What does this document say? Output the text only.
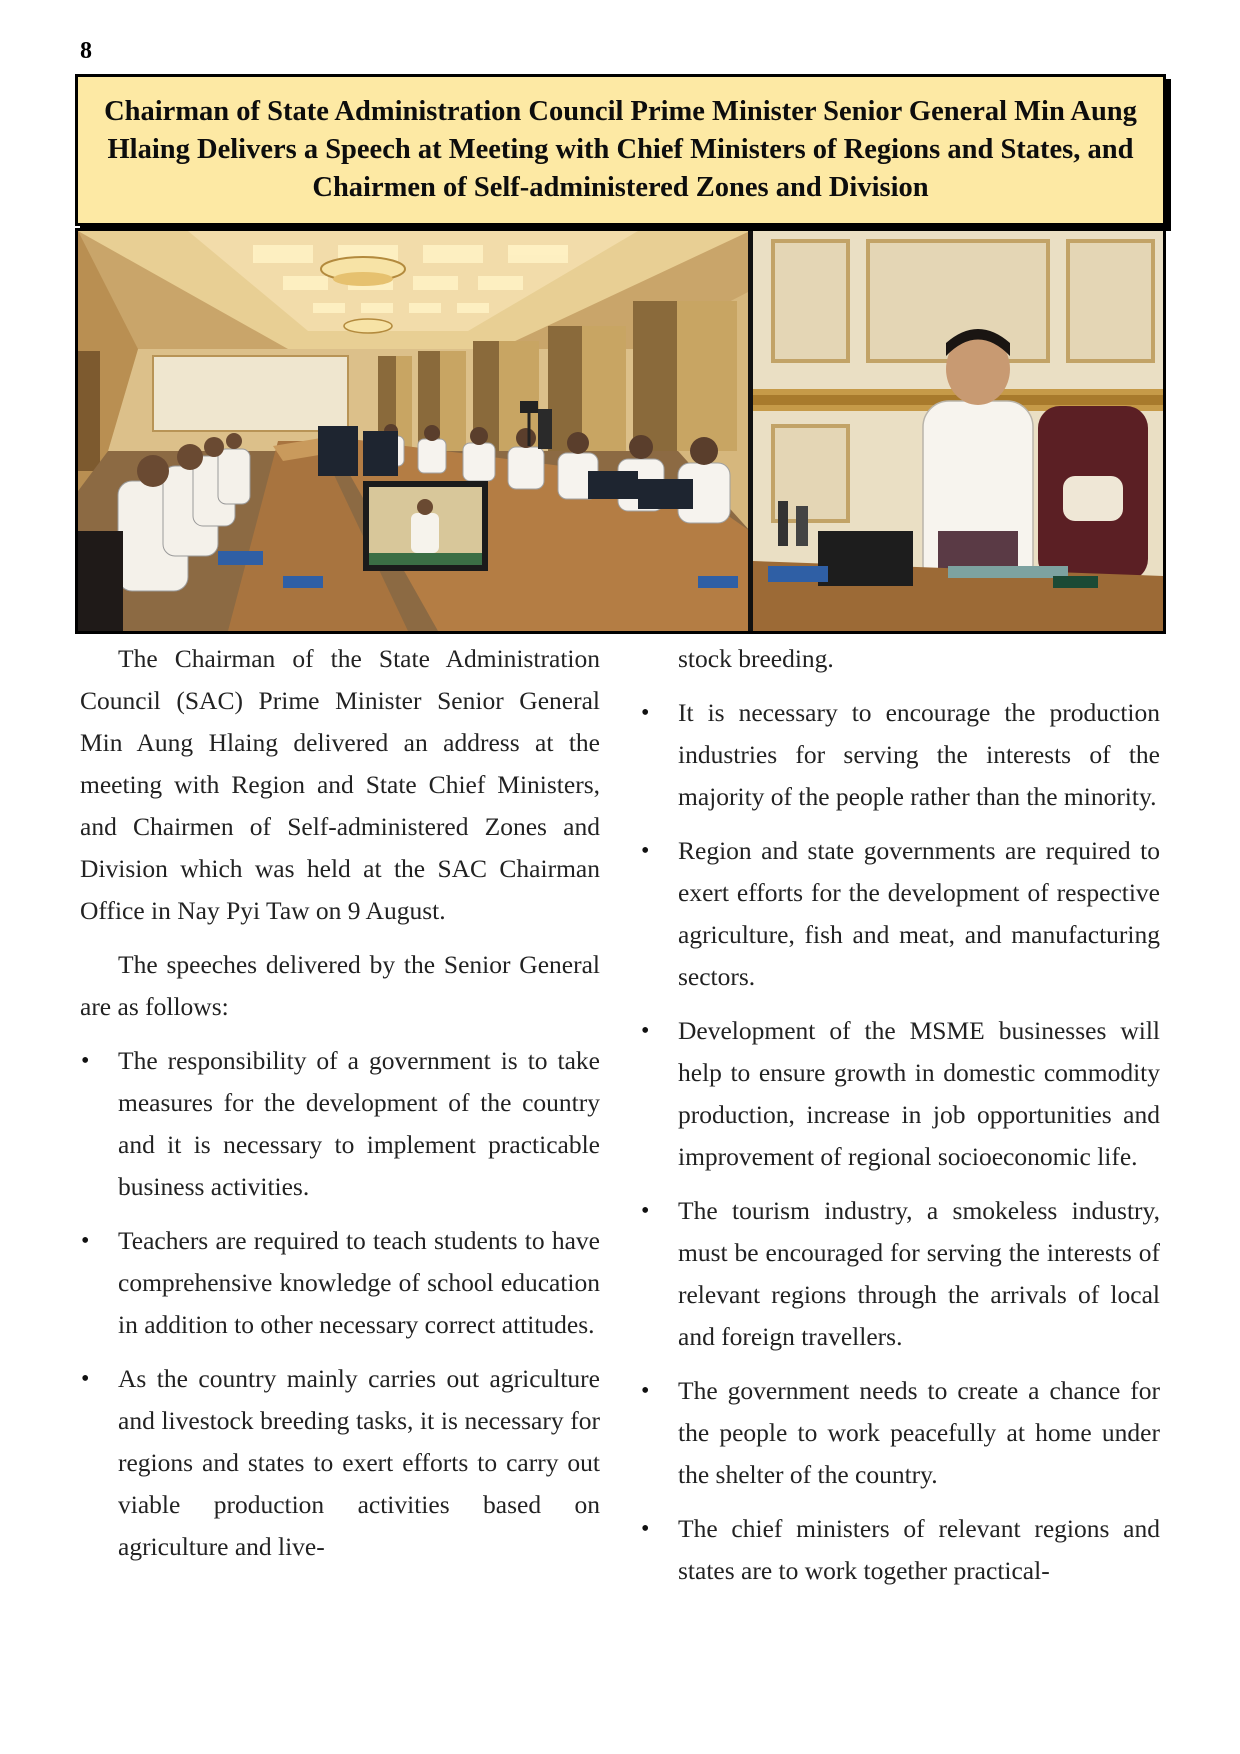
8
Chairman of State Administration Council Prime Minister Senior General Min Aung Hlaing Delivers a Speech at Meeting with Chief Ministers of Regions and States, and Chairmen of Self-administered Zones and Division

The Chairman of the State Administration Council (SAC) Prime Minister Senior General Min Aung Hlaing delivered an address at the meeting with Region and State Chief Ministers, and Chairmen of Self-administered Zones and Division which was held at the SAC Chairman Office in Nay Pyi Taw on 9 August.

The speeches delivered by the Senior General are as follows:

• The responsibility of a government is to take measures for the development of the country and it is necessary to implement practicable business activities.
• Teachers are required to teach students to have comprehensive knowledge of school education in addition to other necessary correct attitudes.
• As the country mainly carries out agriculture and livestock breeding tasks, it is necessary for regions and states to exert efforts to carry out viable production activities based on agriculture and live-

stock breeding.

• It is necessary to encourage the production industries for serving the interests of the majority of the people rather than the minority.
• Region and state governments are required to exert efforts for the development of respective agriculture, fish and meat, and manufacturing sectors.
• Development of the MSME businesses will help to ensure growth in domestic commodity production, increase in job opportunities and improvement of regional socioeconomic life.
• The tourism industry, a smokeless industry, must be encouraged for serving the interests of relevant regions through the arrivals of local and foreign travellers.
• The government needs to create a chance for the people to work peacefully at home under the shelter of the country.
• The chief ministers of relevant regions and states are to work together practical-
